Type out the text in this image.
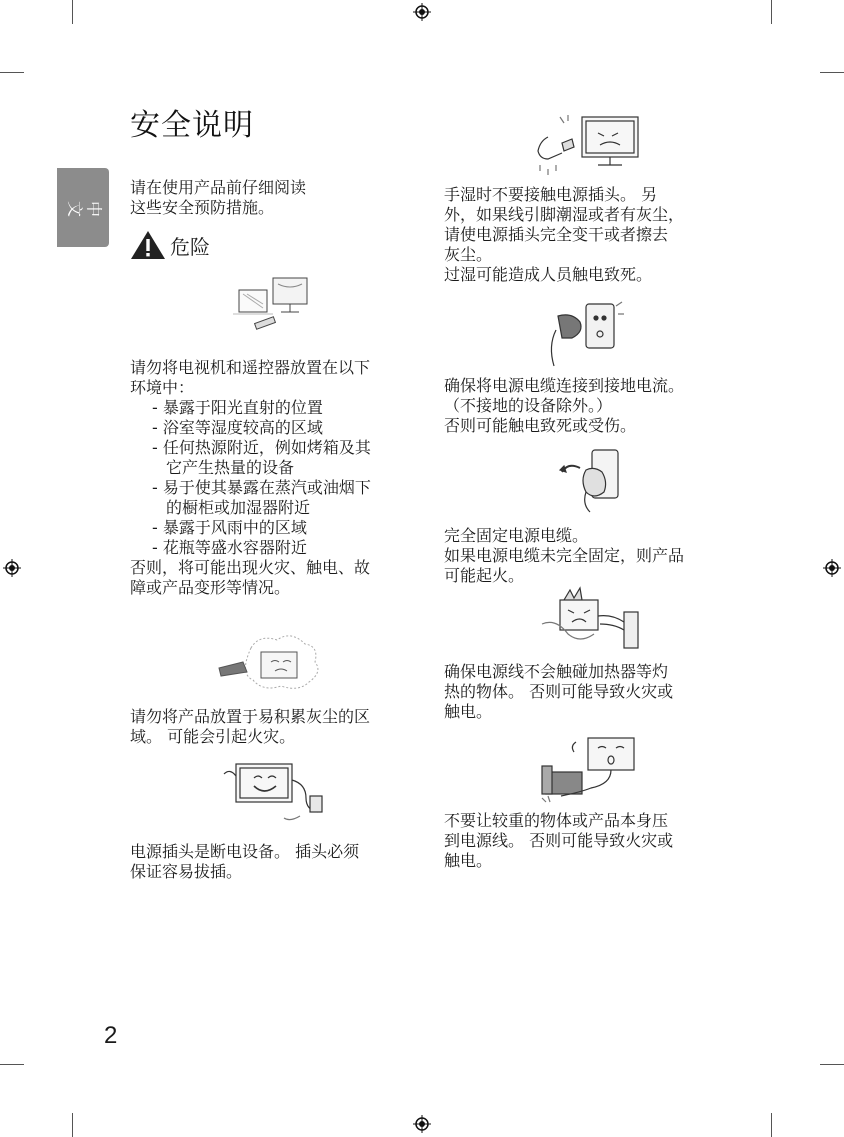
安全说明
中文

请在使用产品前仔细阅读

这些安全预防措施。

危险

请勿将电视机和遥控器放置在以下

环境中：

- 暴露于阳光直射的位置

- 浴室等湿度较高的区域

- 任何热源附近，例如烤箱及其

它产生热量的设备

- 易于使其暴露在蒸汽或油烟下

的橱柜或加湿器附近

- 暴露于风雨中的区域

- 花瓶等盛水容器附近

否则，将可能出现火灾、触电、故

障或产品变形等情况。

请勿将产品放置于易积累灰尘的区

域。 可能会引起火灾。

电源插头是断电设备。 插头必须

保证容易拔插。

手湿时不要接触电源插头。 另

外，如果线引脚潮湿或者有灰尘，

请使电源插头完全变干或者擦去

灰尘。

过湿可能造成人员触电致死。

确保将电源电缆连接到接地电流。

（不接地的设备除外。）

否则可能触电致死或受伤。

完全固定电源电缆。

如果电源电缆未完全固定，则产品

可能起火。

确保电源线不会触碰加热器等灼

热的物体。 否则可能导致火灾或

触电。

不要让较重的物体或产品本身压

到电源线。 否则可能导致火灾或

触电。

2
